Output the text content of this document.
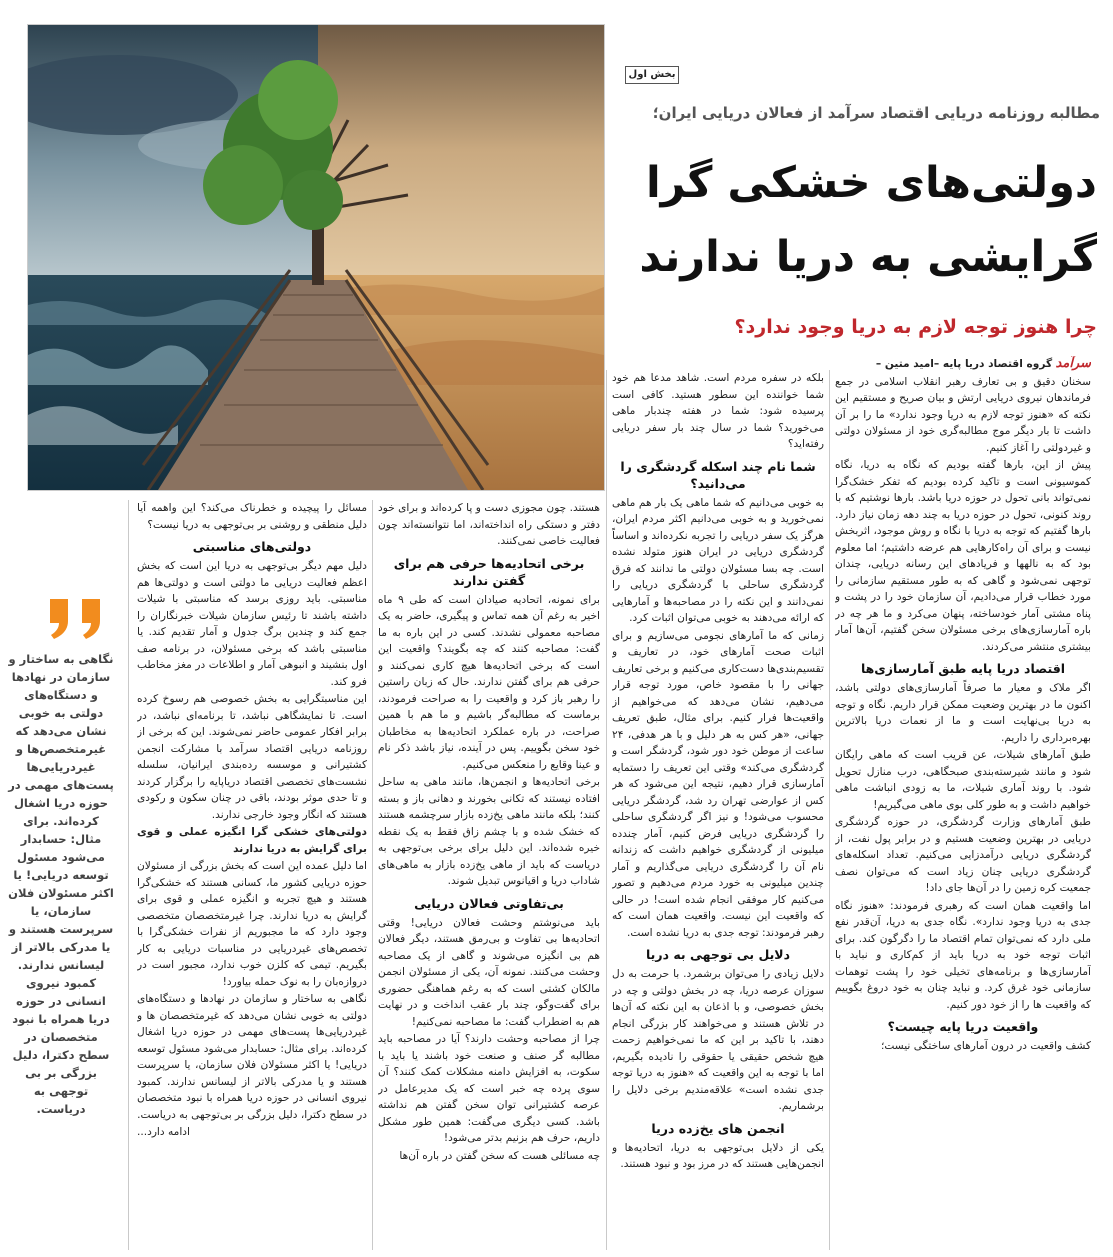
بخش اول
مطالبه روزنامه دریایی اقتصاد سرآمد از فعالان دریایی ایران؛
دولتی‌های خشکی گرا
گرایشی به دریا ندارند
چرا هنوز توجه لازم به دریا وجود ندارد؟

سرآمد گروه اقتصاد دریا پایه –امید متین –

سخنان دقیق و بی تعارف رهبر انقلاب اسلامی در جمع فرماندهان نیروی دریایی ارتش و بیان صریح و مستقیم این نکته که «هنوز توجه لازم به دریا وجود ندارد» ما را بر آن داشت تا بار دیگر موج مطالبه‌گری خود از مسئولان دولتی و غیردولتی را آغاز کنیم.

پیش از این، بارها گفته بودیم که نگاه به دریا، نگاه کموسیونی است و تاکید کرده بودیم که تفکر خشک‌گرا نمی‌تواند بانی تحول در حوزه دریا باشد. بارها نوشتیم که با روند کنونی، تحول در حوزه دریا به چند دهه زمان نیاز دارد. بارها گفتیم که توجه به دریا با نگاه و روش موجود، اثربخش نیست و برای آن راه‌کارهایی هم عرضه داشتیم؛ اما معلوم بود که به نالهها و فریادهای این رسانه دریایی، چندان توجهی نمی‌شود و گاهی که به طور مستقیم سازمانی را مورد خطاب قرار می‌دادیم، آن سازمان خود را در پشت و پناه مشتی آمار خودساخته، پنهان می‌کرد و ما هر چه در باره آمارسازی‌های برخی مسئولان سخن گفتیم، آن‌ها آمار بیشتری منتشر می‌کردند.

اقتصاد دریا پایه طبق آمارسازی‌ها

اگر ملاک و معیار ما صرفاً آمارسازی‌های دولتی باشد، اکنون ما در بهترین وضعیت ممکن قرار داریم. نگاه و توجه به دریا بی‌نهایت است و ما از نعمات دریا بالاترین بهره‌برداری را داریم.

طبق آمارهای شیلات، عن قریب است که ماهی رایگان شود و مانند شیرسته‌بندی صبحگاهی، درب منازل تحویل شود. با روند آماری شیلات، ما به زودی انباشت ماهی خواهیم داشت و به طور کلی بوی ماهی می‌گیریم!

طبق آمارهای وزارت گردشگری، در حوزه گردشگری دریایی در بهترین وضعیت هستیم و در برابر پول نفت، از گردشگری دریایی درآمدزایی می‌کنیم. تعداد اسکله‌های گردشگری دریایی چنان زیاد است که می‌توان نصف جمعیت کره زمین را در آن‌ها جای داد!

اما واقعیت همان است که رهبری فرمودند: «هنوز نگاه جدی به دریا وجود ندارد». نگاه جدی به دریا، آن‌قدر نفع ملی دارد که نمی‌توان تمام اقتصاد ما را دگرگون کند. برای اثبات توجه خود به دریا باید از کم‌کاری و نباید با آمارسازی‌ها و برنامه‌های تخیلی خود را پشت توهمات سازمانی خود غرق کرد. و نباید چنان به خود دروغ بگوییم که واقعیت ها را از خود دور کنیم.

واقعیت دریا پایه چیست؟

کشف واقعیت در درون آمارهای ساختگی نیست؛

بلکه در سفره مردم است. شاهد مدعا هم خود شما خواننده این سطور هستید. کافی است پرسیده شود: شما در هفته چندبار ماهی می‌خورید؟ شما در سال چند بار سفر دریایی رفته‌اید؟

شما نام چند اسکله گردشگری را می‌دانید؟

به خوبی می‌دانیم که شما ماهی یک بار هم ماهی نمی‌خورید و به خوبی می‌دانیم اکثر مردم ایران، هرگز یک سفر دریایی را تجربه نکرده‌اند و اساساً گردشگری دریایی در ایران هنوز متولد نشده است. چه بسا مسئولان دولتی ما ندانند که فرق گردشگری ساحلی با گردشگری دریایی را نمی‌دانند و این نکته را در مصاحبه‌ها و آمارهایی که ارائه می‌دهند به خوبی می‌توان اثبات کرد.

زمانی که ما آمارهای نجومی می‌سازیم و برای اثبات صحت آمارهای خود، در تعاریف و تقسیم‌بندی‌ها دست‌کاری می‌کنیم و برخی تعاریف جهانی را با مقصود خاص، مورد توجه قرار می‌دهیم، نشان می‌دهد که می‌خواهیم از واقعیت‌ها فرار کنیم. برای مثال، طبق تعریف جهانی، «هر کس به هر دلیل و با هر هدفی، ۲۴ ساعت از موطن خود دور شود، گردشگر است و گردشگری می‌کند» وقتی این تعریف را دستمایه آمارسازی قرار دهیم، نتیجه این می‌شود که هر کس از عوارضی تهران رد شد، گردشگر دریایی محسوب می‌شود! و نیز اگر گردشگری ساحلی را گردشگری دریایی فرض کنیم، آمار چندده میلیونی از گردشگری خواهیم داشت که زندانه نام آن را گردشگری دریایی می‌گذاریم و آمار چندین میلیونی به خورد مردم می‌دهیم و تصور می‌کنیم کار موفقی انجام شده است! در حالی که واقعیت این نیست. واقعیت همان است که رهبر فرمودند: توجه جدی به دریا نشده است.

دلایل بی توجهی به دریا

دلایل زیادی را می‌توان برشمرد. با حرمت به دل سوزان عرصه دریا، چه در بخش دولتی و چه در بخش خصوصی، و با اذعان به این نکته که آن‌ها در تلاش هستند و می‌خواهند کار بزرگی انجام دهند، با تاکید بر این که ما نمی‌خواهیم زحمت هیچ شخص حقیقی یا حقوقی را نادیده بگیریم، اما با توجه به این واقعیت که «هنوز به دریا توجه جدی نشده است» علاقه‌مندیم برخی دلایل را برشماریم.

انجمن های یخ‌زده دریا

یکی از دلایل بی‌توجهی به دریا، اتحادیه‌ها و انجمن‌هایی هستند که در مرز بود و نبود هستند.

هستند. چون مجوزی دست و پا کرده‌اند و برای خود دفتر و دستکی راه انداخته‌اند، اما نتوانسته‌اند چون فعالیت خاصی نمی‌کنند.

برخی اتحادیه‌ها حرفی هم برای گفتن ندارند

برای نمونه، اتحادیه صیادان است که طی ۹ ماه اخیر به رغم آن همه تماس و پیگیری، حاضر به یک مصاحبه معمولی نشدند. کسی در این باره به ما گفت: مصاحبه کنند که چه بگویند؟ واقعیت این است که برخی اتحادیه‌ها هیچ کاری نمی‌کنند و حرفی هم برای گفتن ندارند. حال که زبان راستین را رهبر باز کرد و واقعیت را به صراحت فرمودند، برماست که مطالبه‌گر باشیم و ما هم با همین صراحت، در باره عملکرد اتحادیه‌ها به مخاطبان خود سخن بگوییم. پس در آینده، نیاز باشد ذکر نام و عینا وقایع را منعکس می‌کنیم.

برخی اتحادیه‌ها و انجمن‌ها، مانند ماهی به ساحل افتاده نیستند که تکانی بخورند و دهانی باز و بسته کنند؛ بلکه مانند ماهی یخ‌زده بازار سرچشمه هستند که خشک شده و با چشم زاق فقط به یک نقطه خیره شده‌اند. این دلیل برای برخی بی‌توجهی به دریاست که باید از ماهی یخ‌زده بازار به ماهی‌های شاداب دریا و اقیانوس تبدیل شوند.

بی‌تفاوتی فعالان دریایی

باید می‌نوشتم وحشت فعالان دریایی! وقتی اتحادیه‌ها بی تفاوت و بی‌رمق هستند، دیگر فعالان هم بی انگیزه می‌شوند و گاهی از یک مصاحبه وحشت می‌کنند. نمونه آن، یکی از مسئولان انجمن مالکان کشتی است که به رغم هماهنگی حضوری برای گفت‌وگو، چند بار عقب انداخت و در نهایت هم به اضطراب گفت: ما مصاحبه نمی‌کنیم!

چرا از مصاحبه وحشت دارند؟ آیا در مصاحبه باید مطالبه گر صنف و صنعت خود باشند یا باید با سکوت، به افزایش دامنه مشکلات کمک کنند؟ آن سوی پرده چه خبر است که یک مدیرعامل در عرصه کشتیرانی توان سخن گفتن هم نداشته باشد. کسی دیگری می‌گفت: همین طور مشکل داریم، حرف هم بزنیم بدتر می‌شود!

چه مسائلی هست که سخن گفتن در باره آن‌ها

مسائل را پیچیده و خطرناک می‌کند؟ این واهمه آیا دلیل منطقی و روشنی بر بی‌توجهی به دریا نیست؟

دولتی‌های مناسبتی

دلیل مهم دیگر بی‌توجهی به دریا این است که بخش اعظم فعالیت دریایی ما دولتی است و دولتی‌ها هم مناسبتی. باید روزی برسد که مناسبتی با شیلات داشته باشند تا رئیس سازمان شیلات خبرنگاران را جمع کند و چندین برگ جدول و آمار تقدیم کند. یا مناسبتی باشد که برخی مسئولان، در برنامه صف اول بنشیند و انبوهی آمار و اطلاعات در مغز مخاطب فرو کند.

این مناسبتگرایی به بخش خصوصی هم رسوخ کرده است. تا نمایشگاهی نباشد، تا برنامه‌ای نباشد، در برابر افکار عمومی حاضر نمی‌شوند. این که برخی از روزنامه دریایی اقتصاد سرآمد با مشارکت انجمن کشتیرانی و موسسه رده‌بندی ایرانیان، سلسله نشست‌های تخصصی اقتصاد دریاپایه را برگزار کردند و تا حدی موثر بودند، باقی در چنان سکون و رکودی هستند که انگار وجود خارجی ندارند.

دولتی‌های خشکی گرا انگیزه عملی و قوی برای گرایش به دریا ندارند

اما دلیل عمده این است که بخش بزرگی از مسئولان حوزه دریایی کشور ما، کسانی هستند که خشکی‌گرا هستند و هیچ تجربه و انگیزه عملی و قوی برای گرایش به دریا ندارند. چرا غیرمتخصصان متخصصی وجود دارد که ما مجبوریم از نفرات خشکی‌گرا با تخصص‌های غیردریایی در مناسبات دریایی به کار بگیریم. تیمی که کلزن خوب ندارد، مجبور است در دروازه‌بان را به نوک حمله بیاورد!

نگاهی به ساختار و سازمان در نهادها و دستگاه‌های دولتی به خوبی نشان می‌دهد که غیرمتخصصان ها و غیردریایی‌ها پست‌های مهمی در حوزه دریا اشغال کرده‌اند. برای مثال: حسابدار می‌شود مسئول توسعه دریایی! یا اکثر مسئولان فلان سازمان، یا سرپرست هستند و یا مدرکی بالاتر از لیسانس ندارند. کمبود نیروی انسانی در حوزه دریا همراه با نبود متخصصان در سطح دکترا، دلیل بزرگی بر بی‌توجهی به دریاست.

ادامه دارد...

نگاهی به ساختار و سازمان در نهادها و دستگاه‌های دولتی به خوبی نشان می‌دهد که غیرمتخصص‌ها و غیردریایی‌ها پست‌های مهمی در حوزه دریا اشغال کرده‌اند. برای مثال: حسابدار می‌شود مسئول توسعه دریایی! یا اکثر مسئولان فلان سازمان، یا سرپرست هستند و یا مدرکی بالاتر از لیسانس ندارند. کمبود نیروی انسانی در حوزه دریا همراه با نبود متخصصان در سطح دکترا، دلیل بزرگی بر بی توجهی به دریاست.
